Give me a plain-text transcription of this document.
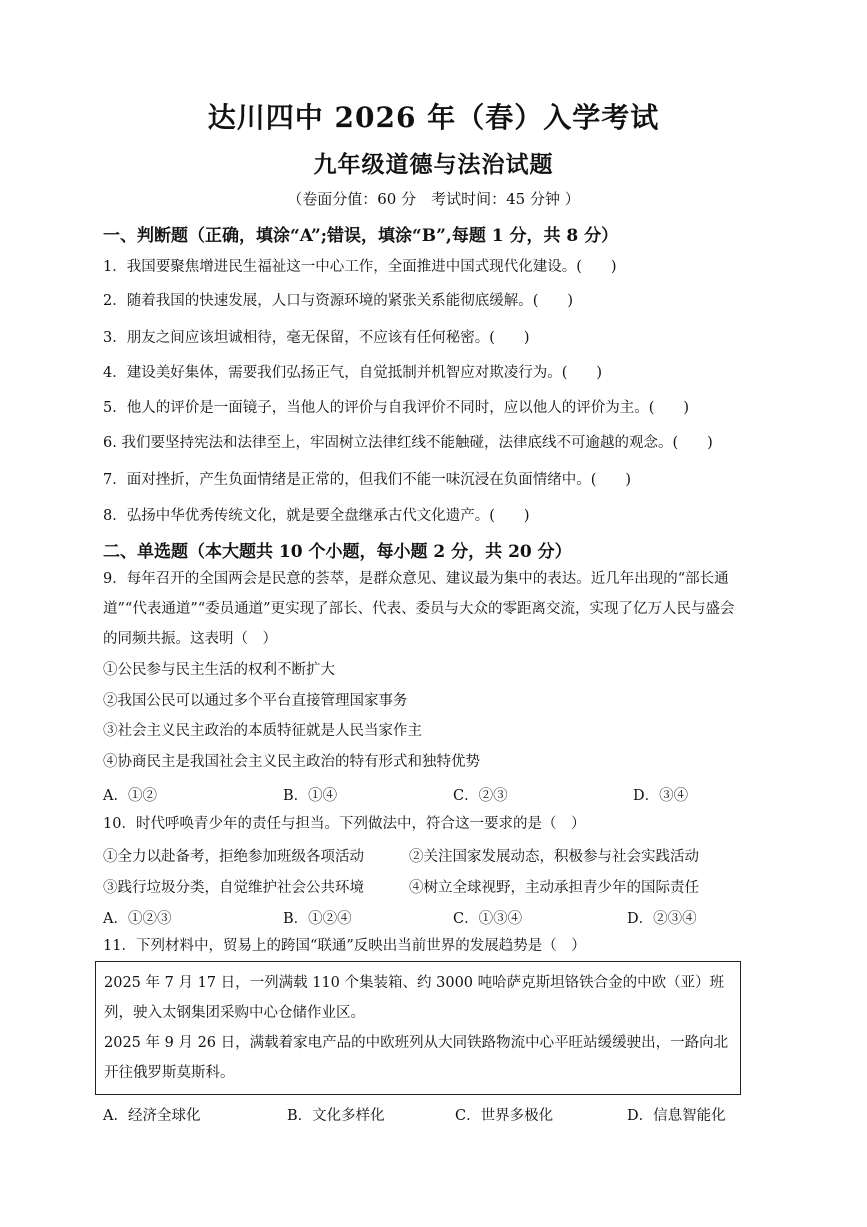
达川四中 2026 年（春）入学考试
九年级道德与法治试题
（卷面分值：60 分　考试时间：45 分钟 ）
一、判断题（正确，填涂“A”;错误，填涂“B”,每题 1 分，共 8 分）
1．我国要聚焦增进民生福祉这一中心工作，全面推进中国式现代化建设。(　　)
2．随着我国的快速发展，人口与资源环境的紧张关系能彻底缓解。(　　)
3．朋友之间应该坦诚相待，毫无保留，不应该有任何秘密。(　　)
4．建设美好集体，需要我们弘扬正气，自觉抵制并机智应对欺凌行为。(　　)
5．他人的评价是一面镜子，当他人的评价与自我评价不同时，应以他人的评价为主。(　　)
6. 我们要坚持宪法和法律至上，牢固树立法律红线不能触碰，法律底线不可逾越的观念。(　　)
7．面对挫折，产生负面情绪是正常的，但我们不能一味沉浸在负面情绪中。(　　)
8．弘扬中华优秀传统文化，就是要全盘继承古代文化遗产。(　　)
二、单选题（本大题共 10 个小题，每小题 2 分，共 20 分）
9．每年召开的全国两会是民意的荟萃，是群众意见、建议最为集中的表达。近几年出现的“部长通道”“代表通道”“委员通道”更实现了部长、代表、委员与大众的零距离交流，实现了亿万人民与盛会的同频共振。这表明（　）
①公民参与民主生活的权利不断扩大
②我国公民可以通过多个平台直接管理国家事务
③社会主义民主政治的本质特征就是人民当家作主
④协商民主是我国社会主义民主政治的特有形式和独特优势
A．①②	B．①④	C．②③	D．③④
10．时代呼唤青少年的责任与担当。下列做法中，符合这一要求的是（　）
①全力以赴备考，拒绝参加班级各项活动	②关注国家发展动态，积极参与社会实践活动
③践行垃圾分类，自觉维护社会公共环境	④树立全球视野，主动承担青少年的国际责任
A．①②③	B．①②④	C．①③④	D．②③④
11．下列材料中，贸易上的跨国“联通”反映出当前世界的发展趋势是（　）

2025 年 7 月 17 日，一列满载 110 个集装箱、约 3000 吨哈萨克斯坦铬铁合金的中欧（亚）班列，驶入太钢集团采购中心仓储作业区。

2025 年 9 月 26 日，满载着家电产品的中欧班列从大同铁路物流中心平旺站缓缓驶出，一路向北开往俄罗斯莫斯科。

A．经济全球化	B．文化多样化	C．世界多极化	D．信息智能化
